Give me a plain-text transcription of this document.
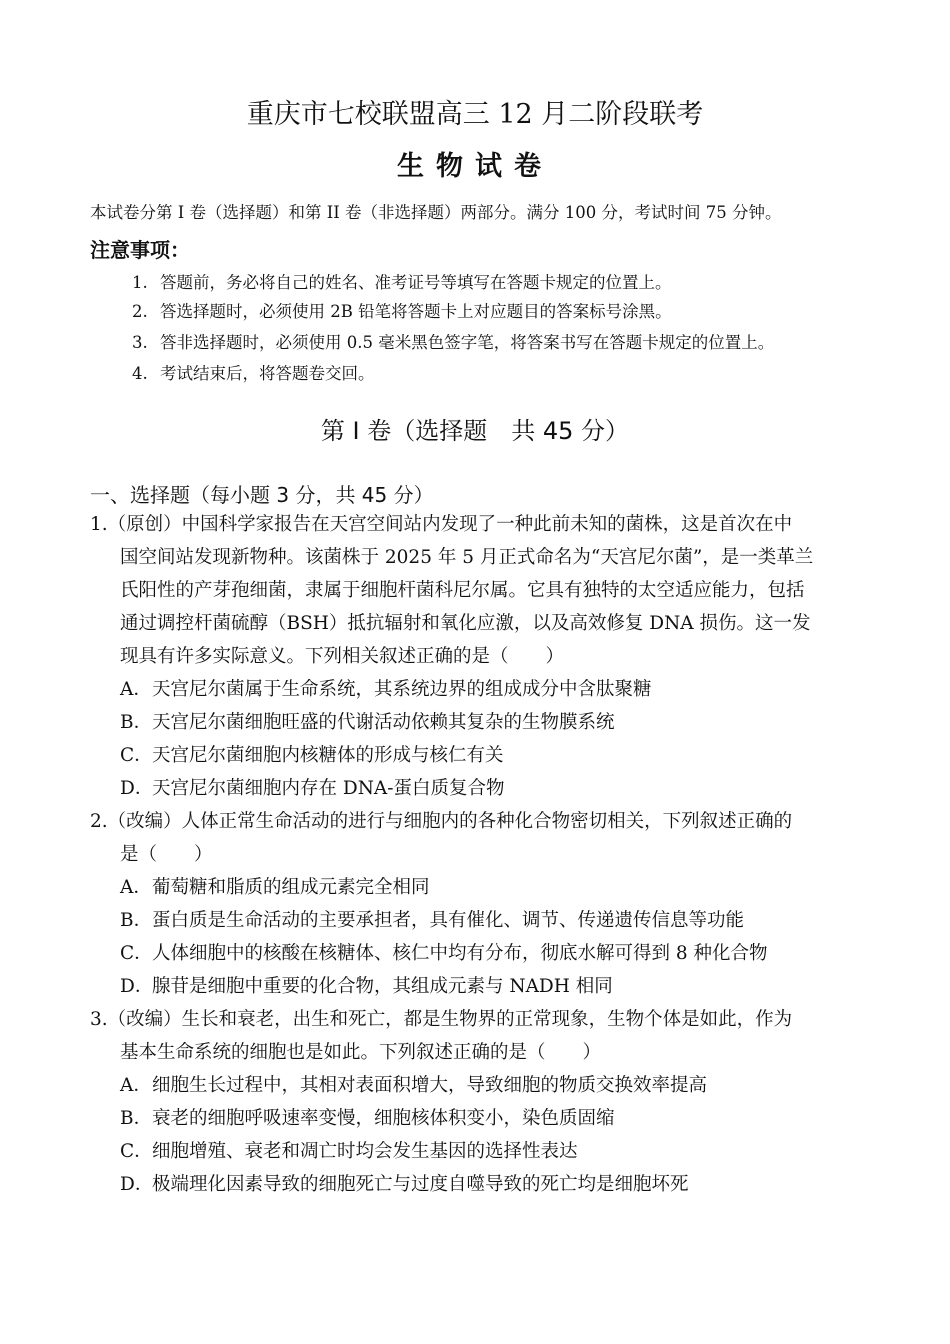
重庆市七校联盟高三 12 月二阶段联考
生物试卷
本试卷分第 I 卷（选择题）和第 II 卷（非选择题）两部分。满分 100 分，考试时间 75 分钟。
注意事项：
1. 答题前，务必将自己的姓名、准考证号等填写在答题卡规定的位置上。
2. 答选择题时，必须使用 2B 铅笔将答题卡上对应题目的答案标号涂黑。
3. 答非选择题时，必须使用 0.5 毫米黑色签字笔，将答案书写在答题卡规定的位置上。
4. 考试结束后，将答题卷交回。
第 I 卷（选择题　共 45 分）
一、选择题（每小题 3 分，共 45 分）
1.（原创）中国科学家报告在天宫空间站内发现了一种此前未知的菌株，这是首次在中
国空间站发现新物种。该菌株于 2025 年 5 月正式命名为“天宫尼尔菌”，是一类革兰
氏阳性的产芽孢细菌，隶属于细胞杆菌科尼尔属。它具有独特的太空适应能力，包括
通过调控杆菌硫醇（BSH）抵抗辐射和氧化应激，以及高效修复 DNA 损伤。这一发
现具有许多实际意义。下列相关叙述正确的是（　　）
A．天宫尼尔菌属于生命系统，其系统边界的组成成分中含肽聚糖
B．天宫尼尔菌细胞旺盛的代谢活动依赖其复杂的生物膜系统
C．天宫尼尔菌细胞内核糖体的形成与核仁有关
D．天宫尼尔菌细胞内存在 DNA-蛋白质复合物
2.（改编）人体正常生命活动的进行与细胞内的各种化合物密切相关，下列叙述正确的
是（　　）
A．葡萄糖和脂质的组成元素完全相同
B．蛋白质是生命活动的主要承担者，具有催化、调节、传递遗传信息等功能
C．人体细胞中的核酸在核糖体、核仁中均有分布，彻底水解可得到 8 种化合物
D．腺苷是细胞中重要的化合物，其组成元素与 NADH 相同
3.（改编）生长和衰老，出生和死亡，都是生物界的正常现象，生物个体是如此，作为
基本生命系统的细胞也是如此。下列叙述正确的是（　　）
A．细胞生长过程中，其相对表面积增大，导致细胞的物质交换效率提高
B．衰老的细胞呼吸速率变慢，细胞核体积变小，染色质固缩
C．细胞增殖、衰老和凋亡时均会发生基因的选择性表达
D．极端理化因素导致的细胞死亡与过度自噬导致的死亡均是细胞坏死
